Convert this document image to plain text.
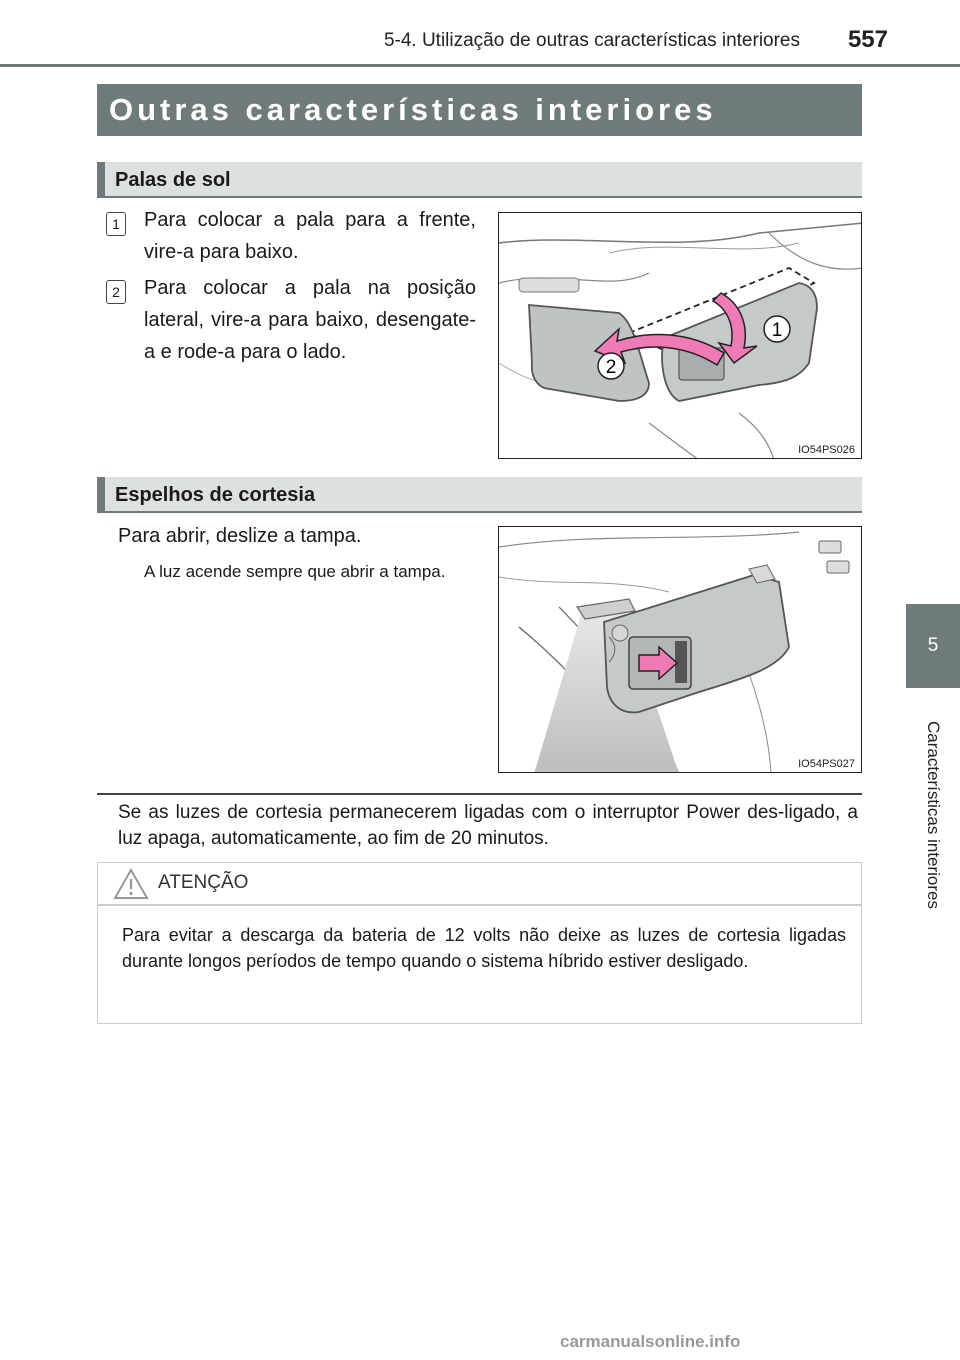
5-4. Utilização de outras características interiores	557
5
Características interiores
Outras características interiores
Palas de sol
1	Para colocar a pala para a frente, vire-a para baixo.
2	Para colocar a pala na posição lateral, vire-a para baixo, desengate-a e rode-a para o lado.
1
2
IO54PS026
Espelhos de cortesia
Para abrir, deslize a tampa.
A luz acende sempre que abrir a tampa.
IO54PS027
Se as luzes de cortesia permanecerem ligadas com o interruptor Power des-ligado, a luz apaga, automaticamente, ao fim de 20 minutos.
ATENÇÃO
Para evitar a descarga da bateria de 12 volts não deixe as luzes de cortesia ligadas durante longos períodos de tempo quando o sistema híbrido estiver desligado.
carmanualsonline.info
